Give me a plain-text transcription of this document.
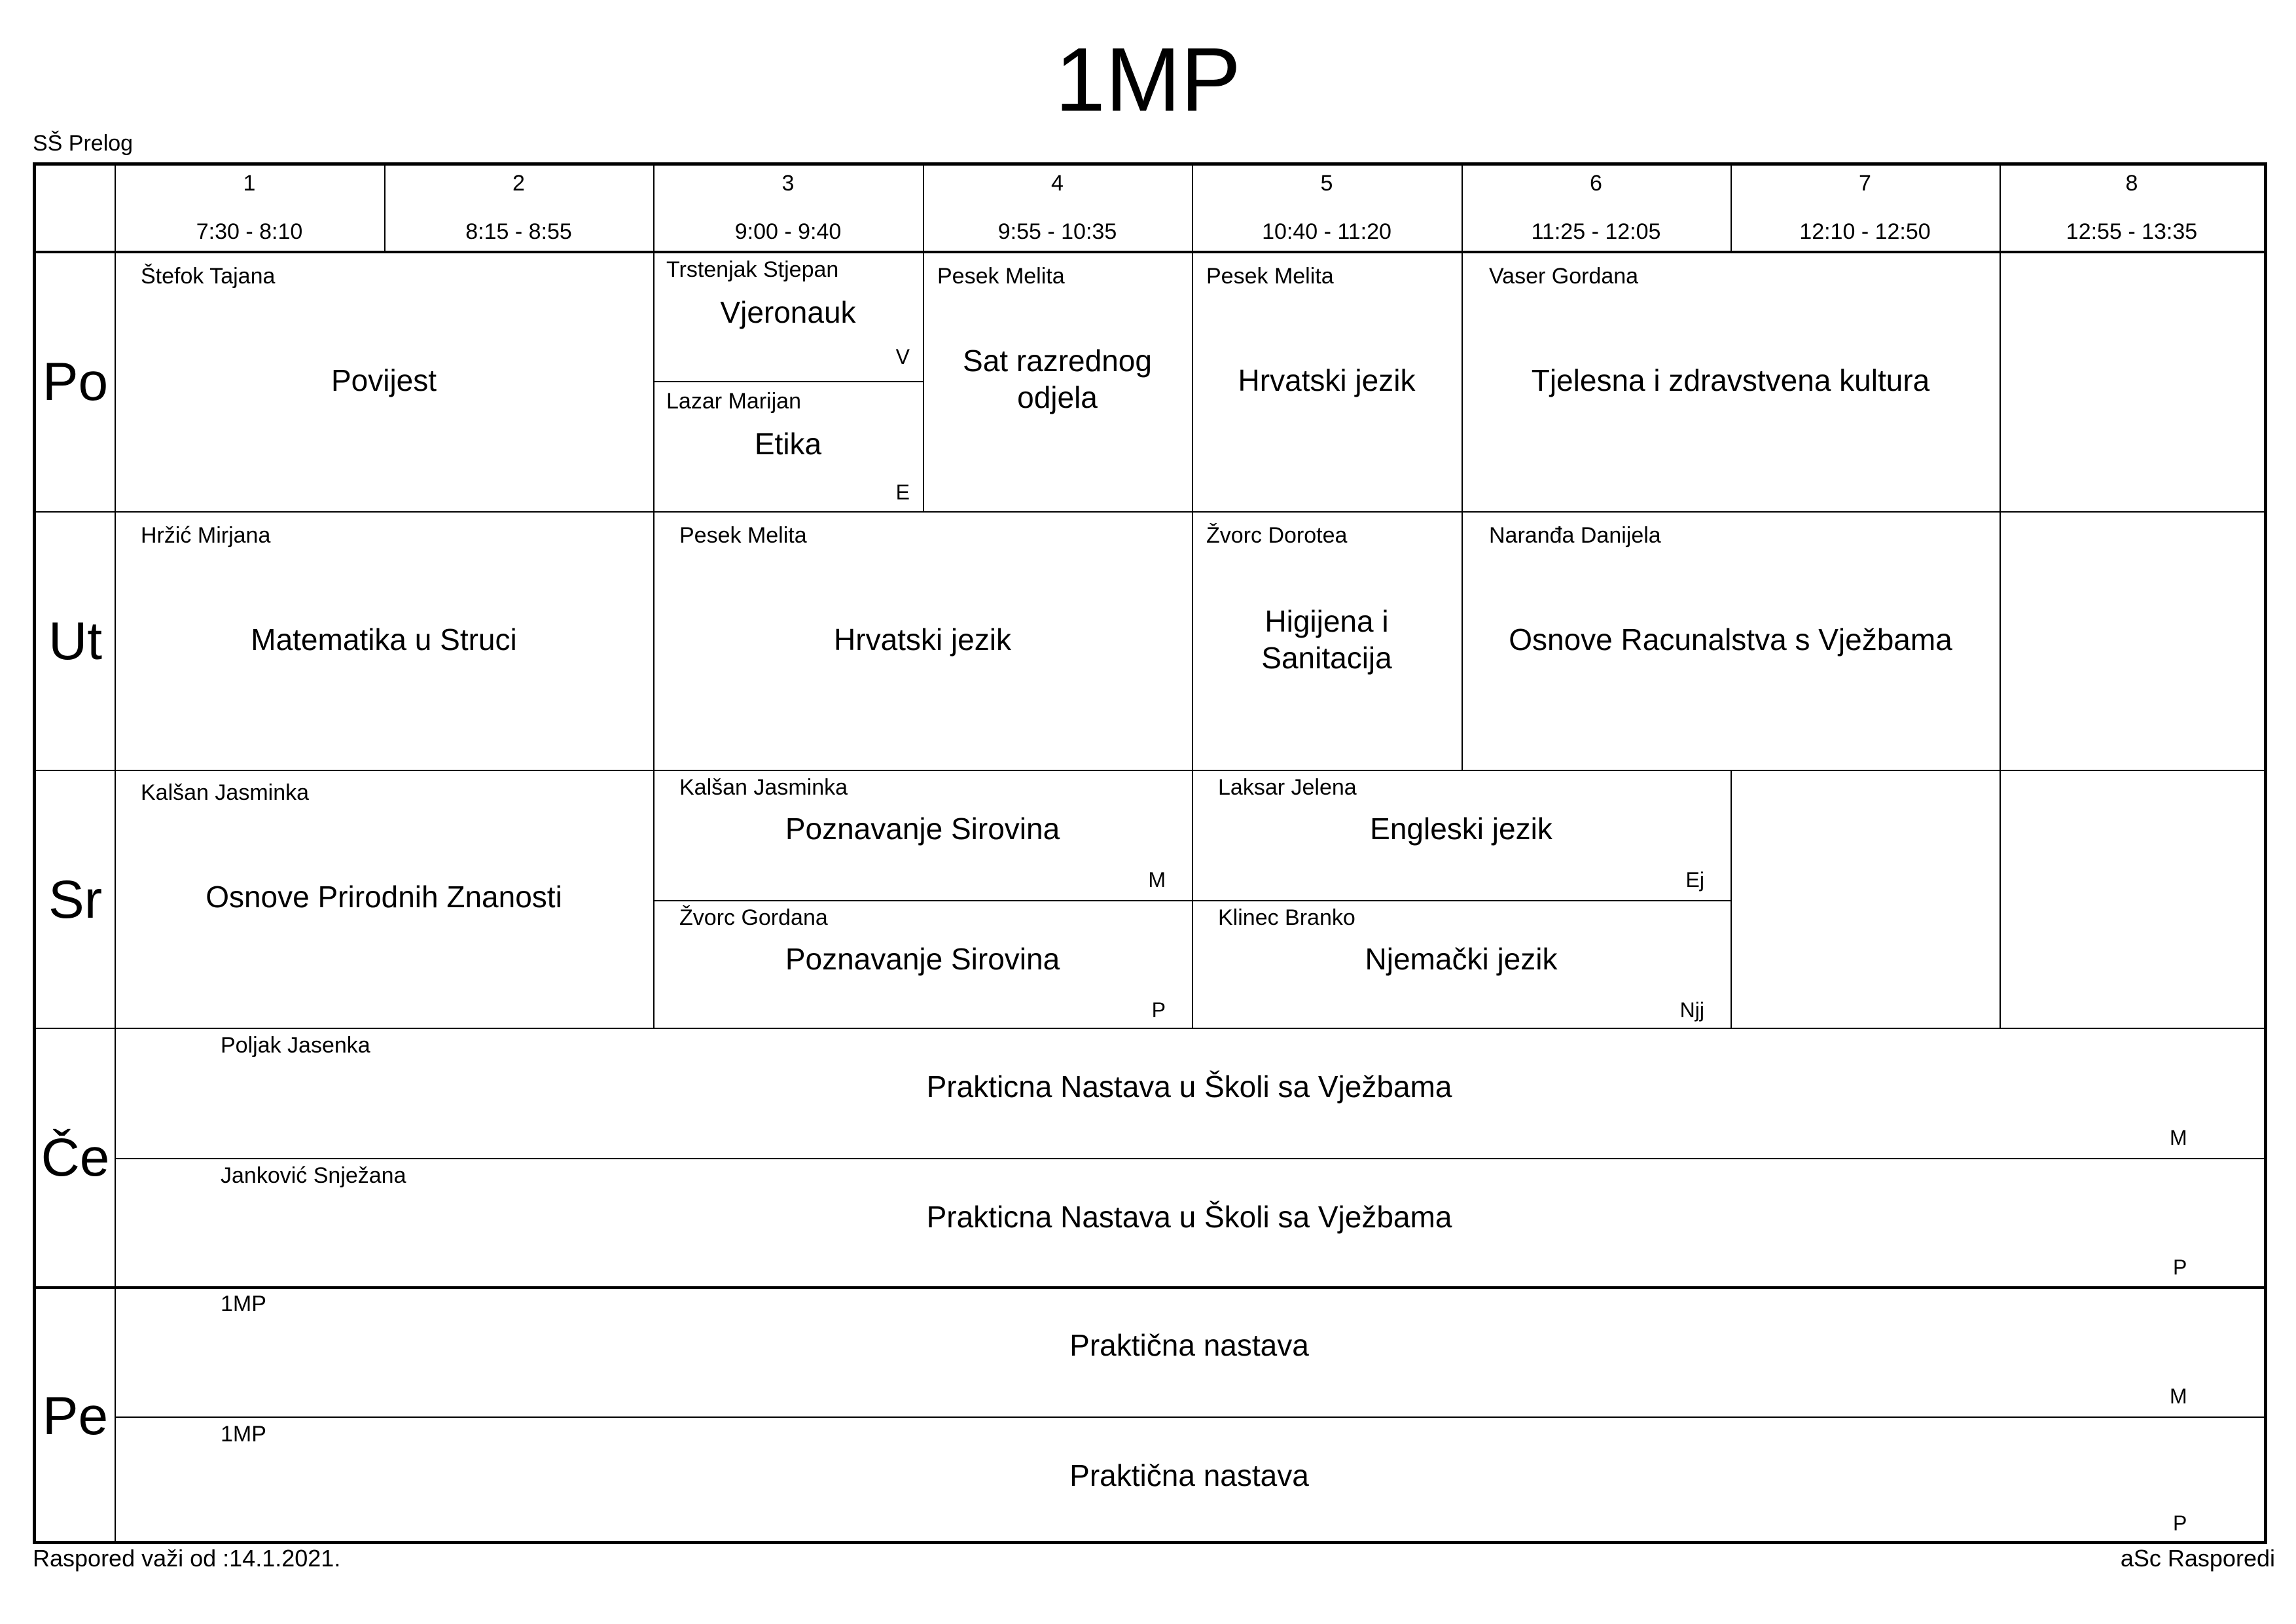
1MP
SŠ Prelog
1
7:30 - 8:10
2
8:15 - 8:55
3
9:00 - 9:40
4
9:55 - 10:35
5
10:40 - 11:20
6
11:25 - 12:05
7
12:10 - 12:50
8
12:55 - 13:35
Po
Ut
Sr
Če
Pe
Štefok Tajana
Povijest
Trstenjak Stjepan
Vjeronauk
V
Lazar Marijan
Etika
E
Pesek Melita
Sat razrednog odjela
Pesek Melita
Hrvatski jezik
Vaser Gordana
Tjelesna i zdravstvena kultura
Hržić Mirjana
Matematika u Struci
Pesek Melita
Hrvatski jezik
Žvorc Dorotea
Higijena i Sanitacija
Naranđa Danijela
Osnove Racunalstva s Vježbama
Kalšan Jasminka
Osnove Prirodnih Znanosti
Kalšan Jasminka
Poznavanje Sirovina
M
Žvorc Gordana
Poznavanje Sirovina
P
Laksar Jelena
Engleski jezik
Ej
Klinec Branko
Njemački jezik
Njj
Poljak Jasenka
Prakticna Nastava u Školi sa Vježbama
M
Janković Snježana
Prakticna Nastava u Školi sa Vježbama
P
1MP
Praktična nastava
M
1MP
Praktična nastava
P
Raspored važi od :14.1.2021.	aSc Rasporedi
